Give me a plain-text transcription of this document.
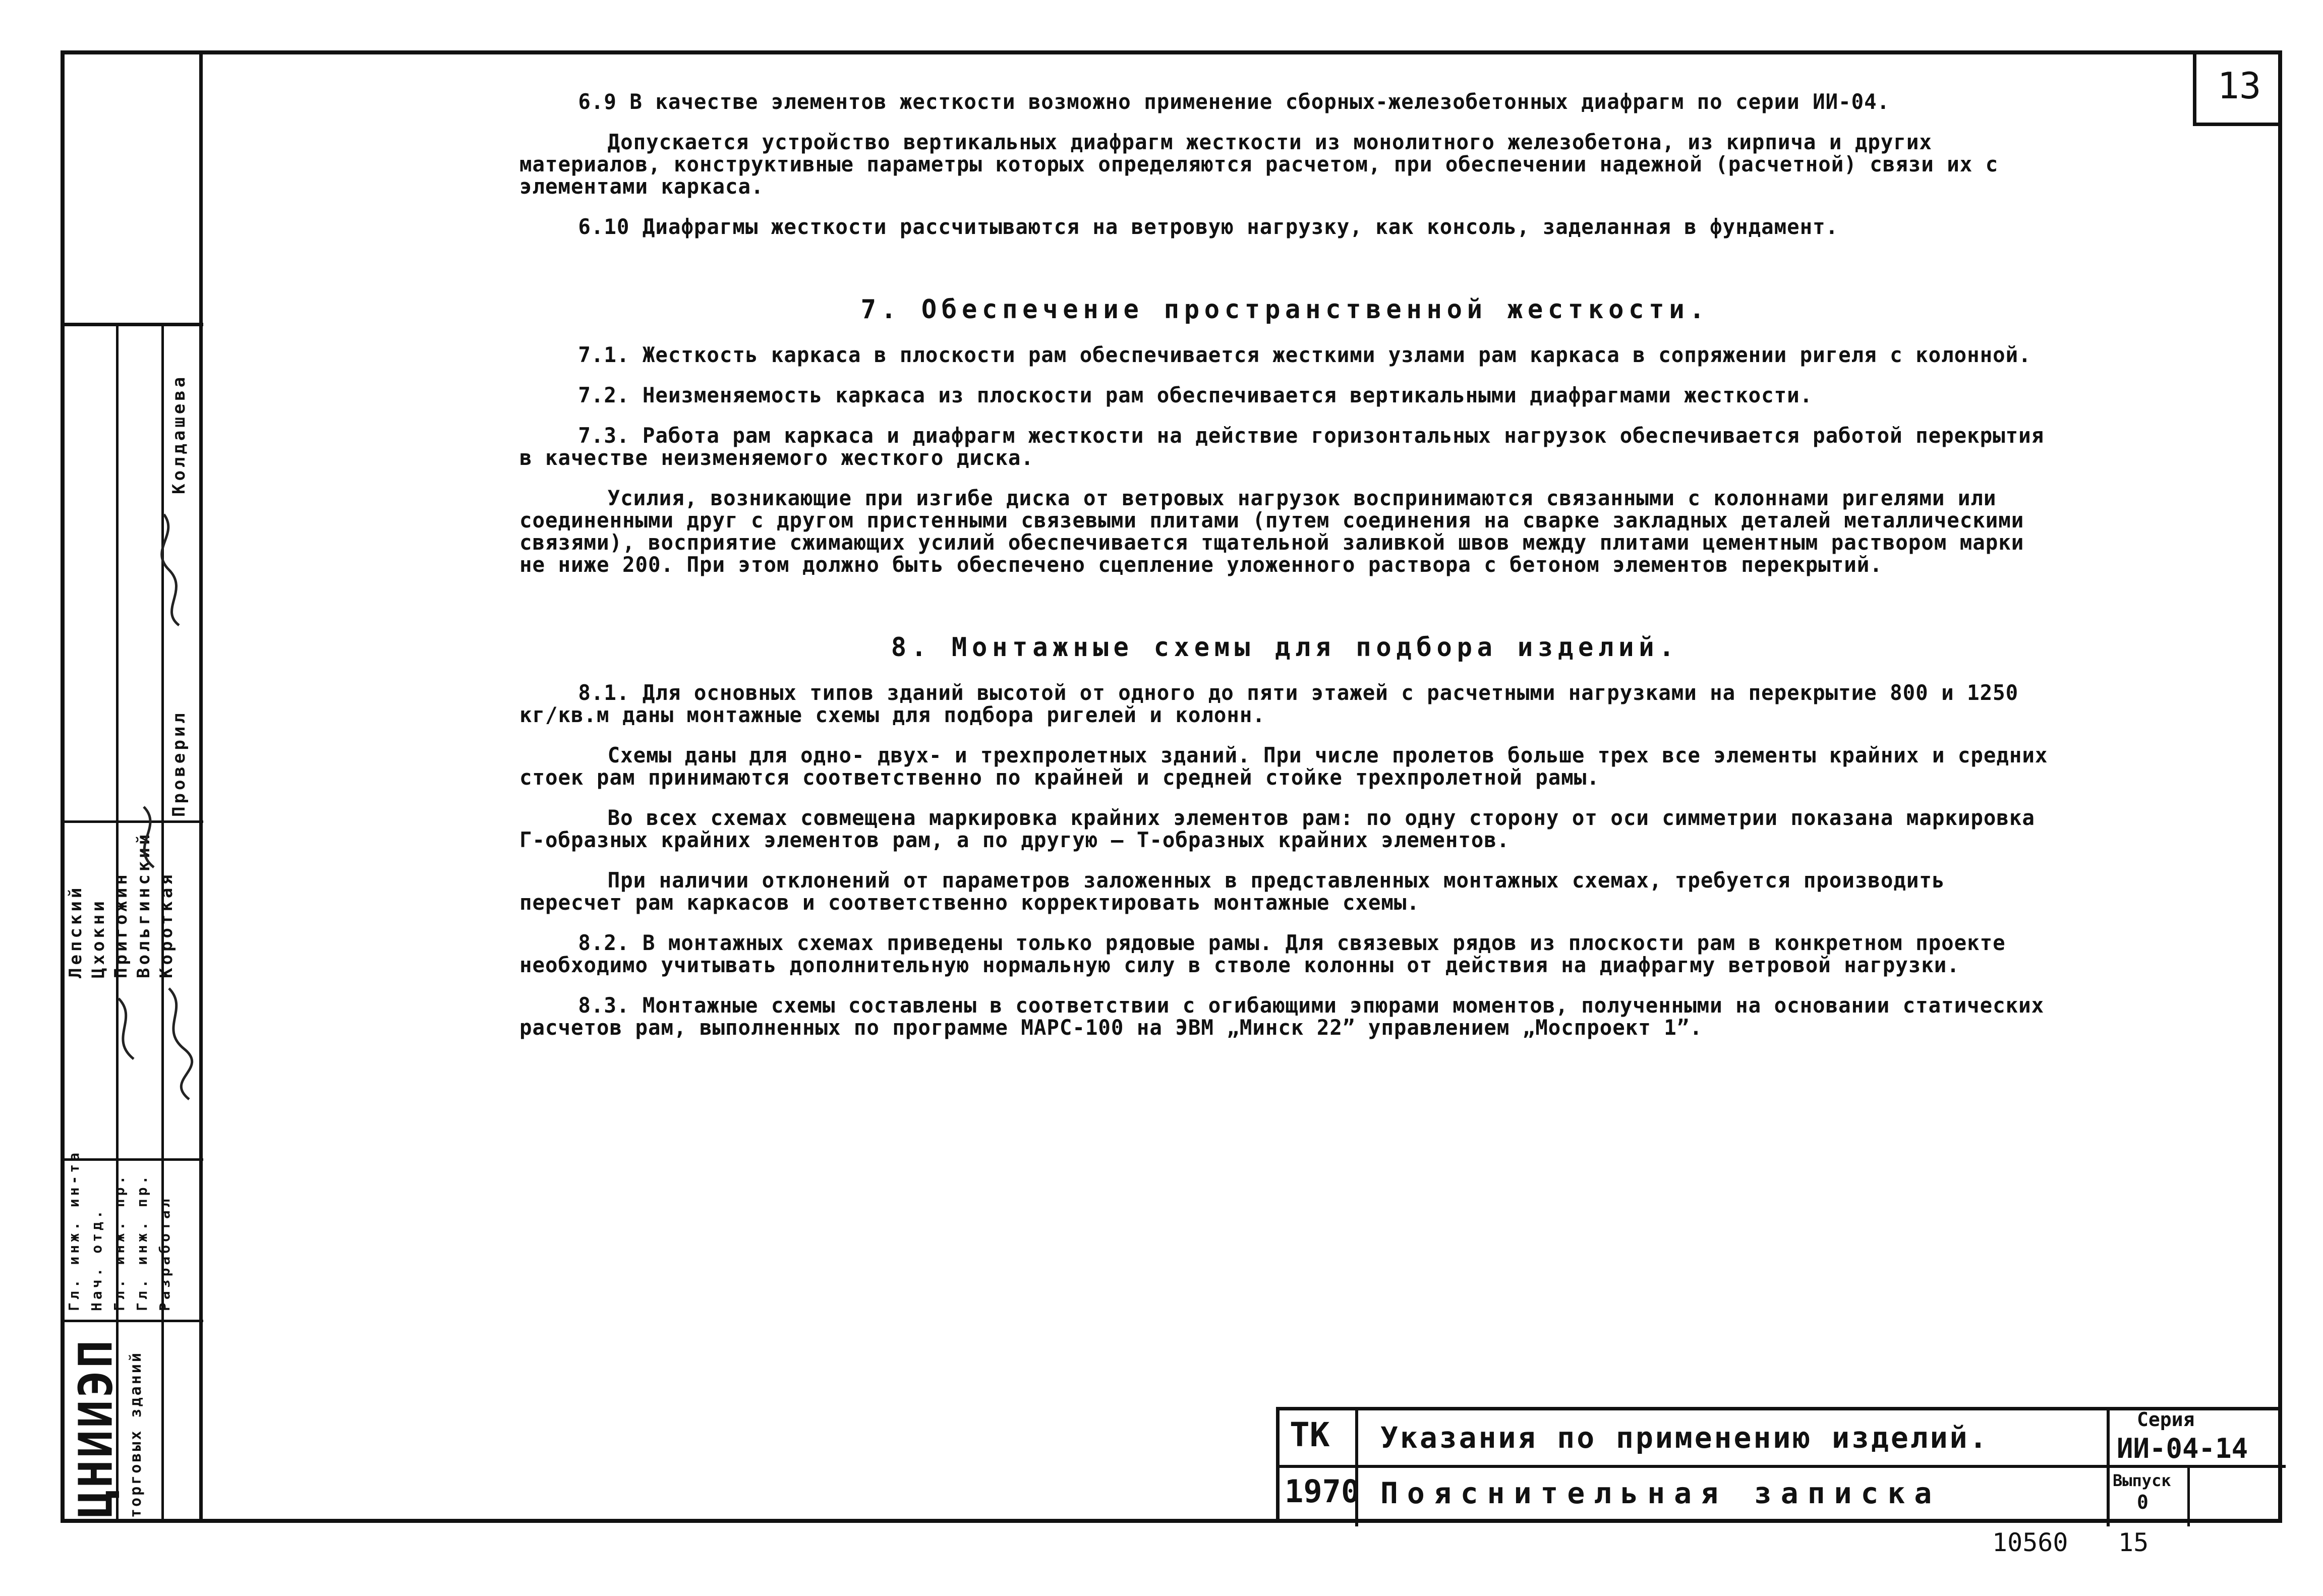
13

6.9 В качестве элементов жесткости возможно применение сборных-железобетонных диафрагм по серии ИИ-04.

Допускается устройство вертикальных диафрагм жесткости из монолитного железобетона, из кирпича и других материалов, конструктивные параметры которых определяются расчетом, при обеспечении надежной (расчетной) связи их с элементами каркаса.

6.10 Диафрагмы жесткости рассчитываются на ветровую нагрузку, как консоль, заделанная в фундамент.

7. Обеспечение пространственной жесткости.

7.1. Жесткость каркаса в плоскости рам обеспечивается жесткими узлами рам каркаса в сопряжении ригеля с колонной.

7.2. Неизменяемость каркаса из плоскости рам обеспечивается вертикальными диафрагмами жесткости.

7.3. Работа рам каркаса и диафрагм жесткости на действие горизонтальных нагрузок обеспечивается работой перекрытия в качестве неизменяемого жесткого диска.

Усилия, возникающие при изгибе диска от ветровых нагрузок воспринимаются связанными с колоннами ригелями или соединенными друг с другом пристенными связевыми плитами (путем соединения на сварке закладных деталей металлическими связями), восприятие сжимающих усилий обеспечивается тщательной заливкой швов между плитами цементным раствором марки не ниже 200. При этом должно быть обеспечено сцепление уложенного раствора с бетоном элементов перекрытий.

8. Монтажные схемы для подбора изделий.

8.1. Для основных типов зданий высотой от одного до пяти этажей с расчетными нагрузками на перекрытие 800 и 1250 кг/кв.м даны монтажные схемы для подбора ригелей и колонн.

Схемы даны для одно- двух- и трехпролетных зданий. При числе пролетов больше трех все элементы крайних и средних стоек рам принимаются соответственно по крайней и средней стойке трехпролетной рамы.

Во всех схемах совмещена маркировка крайних элементов рам: по одну сторону от оси симметрии показана маркировка Г-образных крайних элементов рам, а по другую – Т-образных крайних элементов.

При наличии отклонений от параметров заложенных в представленных монтажных схемах, требуется производить пересчет рам каркасов и соответственно корректировать монтажные схемы.

8.2. В монтажных схемах приведены только рядовые рамы. Для связевых рядов из плоскости рам в конкретном проекте необходимо учитывать дополнительную нормальную силу в стволе колонны от действия на диафрагму ветровой нагрузки.

8.3. Монтажные схемы составлены в соответствии с огибающими эпюрами моментов, полученными на основании статических расчетов рам, выполненных по программе МАРС-100 на ЭВМ „Минск 22” управлением „Моспроект 1”.

Колдашева
Проверил
Лепский Цхокни Пригожин Вольгинский Короткая
Гл. инж. ин-та Нач. отд. Гл. инж. пр. Гл. инж. пр. Разработал
ЦНИИЭП торговых зданий	ТК
1970
Указания по применению изделий.
Пояснительная записка
Серия
ИИ-04-14
Выпуск
0
10560 15
